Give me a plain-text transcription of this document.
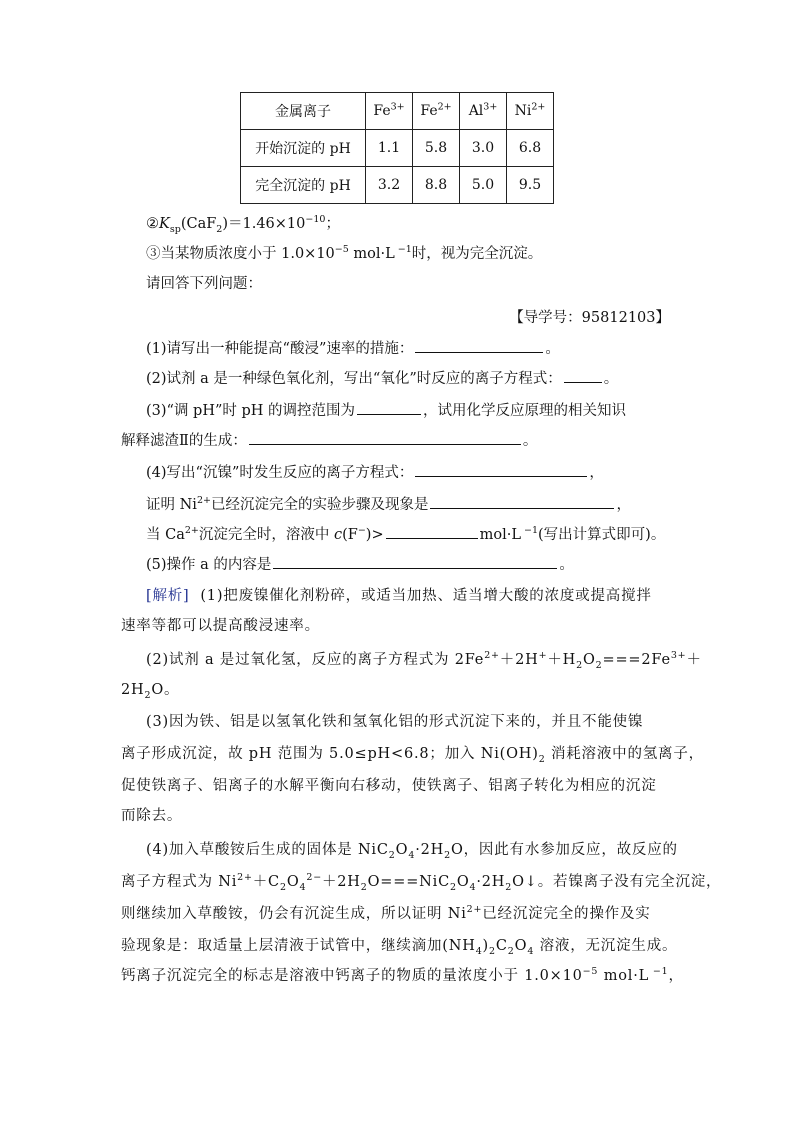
金属离子	$Fe^{3+}$	$Fe^{2+}$	$Al^{3+}$	$Ni^{2+}$
开始沉淀的 pH	1.1	5.8	3.0	6.8
完全沉淀的 pH	3.2	8.8	5.0	9.5
$②K_{sp}(CaF_2)=1.46\times 10^{-10}$；
③当某物质浓度小于 $1.0\times 10^{-5}$ mol·L $^{-1}$时，视为完全沉淀。
请回答下列问题：
【导学号：95812103】
(1)请写出一种能提高“酸浸”速率的措施：	。
(2)试剂 a 是一种绿色氧化剂，写出“氧化”时反应的离子方程式：	。
(3)“调 pH”时 pH 的调控范围为	，试用化学反应原理的相关知识
解释滤渣Ⅱ的生成：	。
(4)写出“沉镍”时发生反应的离子方程式：	，
证明 $Ni^{2+}$已经沉淀完全的实验步骤及现象是	，
当 $Ca^{2+}$沉淀完全时，溶液中 c(F−)>	mol·L $^{-1}$(写出计算式即可)。
(5)操作 a 的内容是	。
[解析] (1)把废镍催化剂粉碎，或适当加热、适当增大酸的浓度或提高搅拌
速率等都可以提高酸浸速率。
(2)试剂 a 是过氧化氢，反应的离子方程式为 $2Fe^{2+}+2H^++H_2O_2===2Fe^{3+}+$
$2H_2O$。
(3)因为铁、铝是以氢氧化铁和氢氧化铝的形式沉淀下来的，并且不能使镍
离子形成沉淀，故 pH 范围为 5.0≤pH<6.8；加入 $Ni(OH)_2$ 消耗溶液中的氢离子，
促使铁离子、铝离子的水解平衡向右移动，使铁离子、铝离子转化为相应的沉淀
而除去。
(4)加入草酸铵后生成的固体是 $NiC_2O_4\cdot 2H_2O$，因此有水参加反应，故反应的
离子方程式为 $Ni^{2+}+C_2O_4^{2-}+2H_2O===NiC_2O_4\cdot 2H_2O↓$。若镍离子没有完全沉淀，
则继续加入草酸铵，仍会有沉淀生成，所以证明 $Ni^{2+}$已经沉淀完全的操作及实
验现象是：取适量上层清液于试管中，继续滴加$(NH_4)_2C_2O_4$ 溶液，无沉淀生成。
钙离子沉淀完全的标志是溶液中钙离子的物质的量浓度小于 $1.0\times 10^{-5}$ mol·L $^{-1}$，
